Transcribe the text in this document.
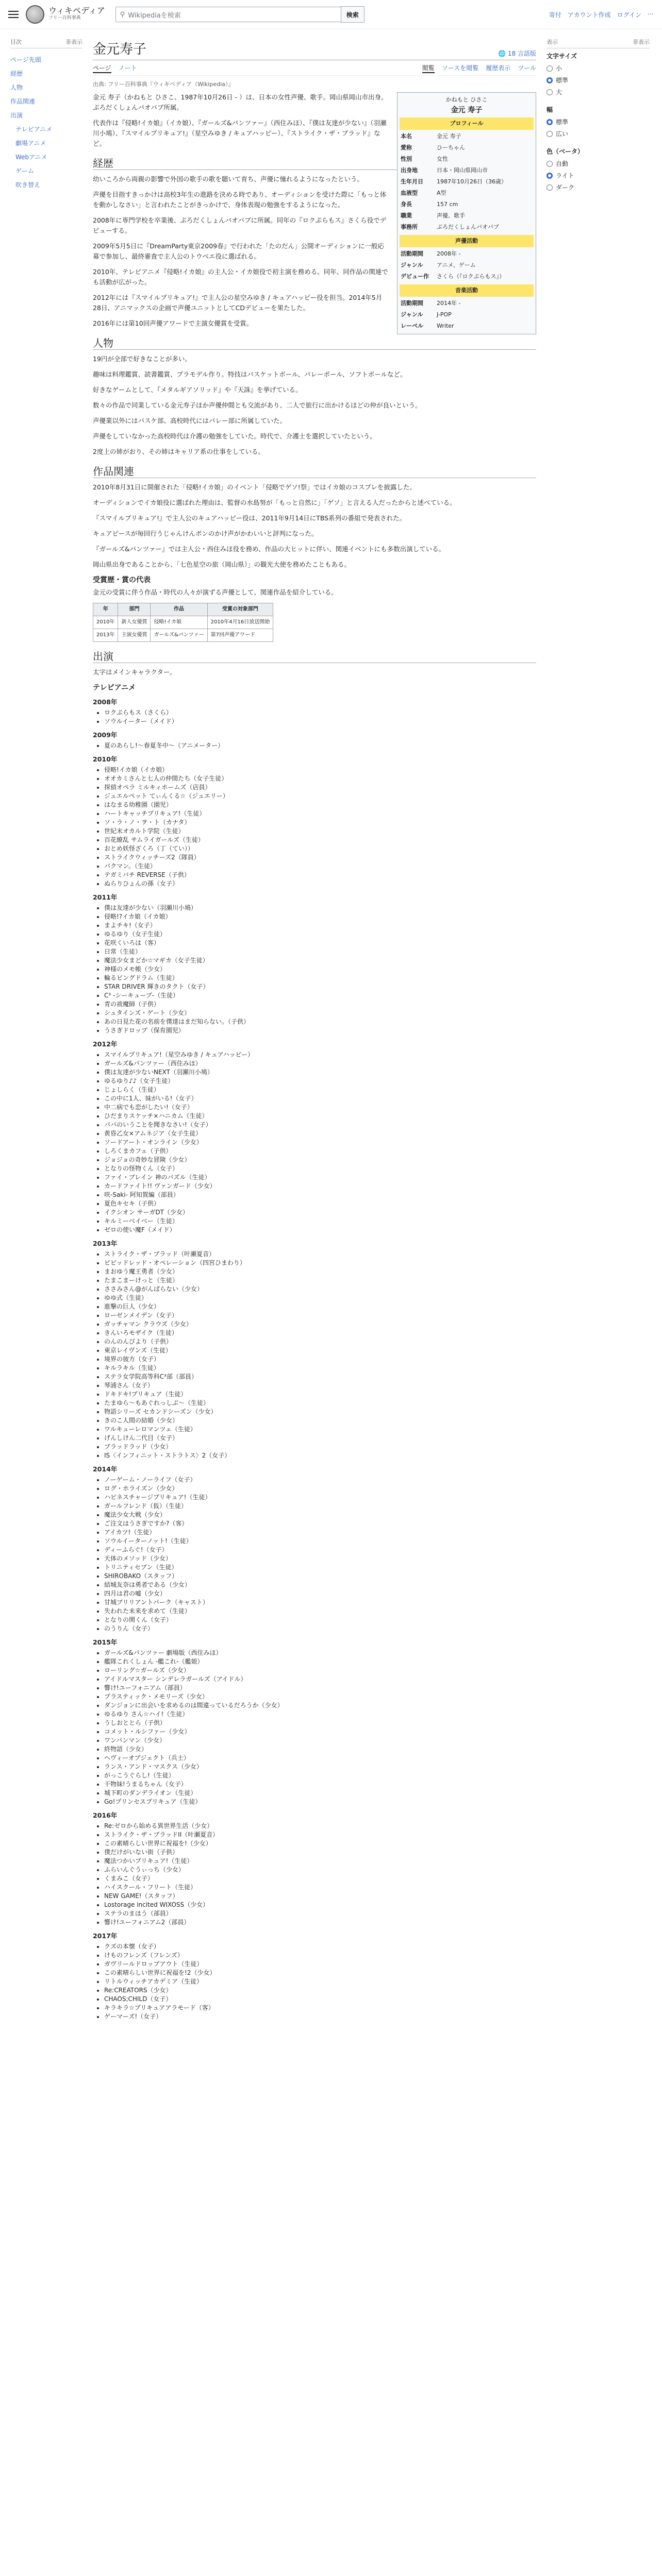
ウィキペディア
フリー百科事典	⚲ Wikipediaを検索	検索	寄付 アカウント作成 ログイン ⋯
目次	非表示
ページ先頭
経歴
人物
作品関連
出演
テレビアニメ
劇場アニメ
Webアニメ
ゲーム
吹き替え
金元寿子	🌐 18 言語版
ページ ノート	閲覧 ソースを閲覧 履歴表示 ツール
出典: フリー百科事典『ウィキペディア（Wikipedia）』
かねもと ひさこ
金元 寿子
プロフィール
本名	金元 寿子
愛称	ひーちゃん
性別	女性
出身地	日本・岡山県岡山市
生年月日	1987年10月26日（36歳）
血液型	A型
身長	157 cm
職業	声優、歌手
事務所	ぷろだくしょんバオバブ
声優活動
活動期間	2008年 -
ジャンル	アニメ、ゲーム
デビュー作	さくら（『ロクぷらもス』）
音楽活動
活動期間	2014年 -
ジャンル	J-POP
レーベル	Writer

金元 寿子（かねもと ひさこ、1987年10月26日 - ）は、日本の女性声優、歌手。岡山県岡山市出身。ぷろだくしょんバオバブ所属。

代表作は『侵略!イカ娘』（イカ娘）、『ガールズ&パンツァー』（西住みほ）、『僕は友達が少ない』（羽瀬川小鳩）、『スマイルプリキュア!』（星空みゆき / キュアハッピー）、『ストライク・ザ・ブラッド』など。

経歴

幼いころから両親の影響で外国の歌手の歌を聴いて育ち、声優に憧れるようになったという。

声優を目指すきっかけは高校3年生の進路を決める時であり、オーディションを受けた際に「もっと体を動かしなさい」と言われたことがきっかけで、身体表現の勉強をするようになった。

2008年に専門学校を卒業後、ぷろだくしょんバオバブに所属。同年の『ロクぷらもス』さくら役でデビューする。

2009年5月5日に『DreamParty東京2009春』で行われた「たのだん」公開オーディションに一般応募で参加し、最終審査で主人公のトウベエ役に選ばれる。

2010年、テレビアニメ『侵略!イカ娘』の主人公・イカ娘役で初主演を務める。同年、同作品の関連でも活動が広がった。

2012年には『スマイルプリキュア!』で主人公の星空みゆき / キュアハッピー役を担当。2014年5月28日、アニマックスの企画で声優ユニットとしてCDデビューを果たした。

2016年には第10回声優アワードで主演女優賞を受賞。

人物

19円が全部で好きなことが多い。

趣味は料理鑑賞、読書鑑賞、プラモデル作り。特技はバスケットボール、バレーボール、ソフトボールなど。

好きなゲームとして、『メタルギアソリッド』や『天誅』を挙げている。

数々の作品で同業している金元寿子ほか声優仲間とも交流があり、二人で旅行に出かけるほどの仲が良いという。

声優業以外にはバスケ部、高校時代にはバレー部に所属していた。

声優をしていなかった高校時代は介護の勉強をしていた。時代で、介護士を選択していたという。

2度上の姉がおり、その姉はキャリア系の仕事をしている。

作品関連

2010年8月31日に開催された「侵略!イカ娘」のイベント「侵略でゲソ!祭」ではイカ娘のコスプレを披露した。

オーディションでイカ娘役に選ばれた理由は、監督の水島努が「もっと自然に」「ゲソ」と言える人だったからと述べている。

『スマイルプリキュア!』で主人公のキュアハッピー役は、2011年9月14日にTBS系列の番組で発表された。

キュアピースが毎回行うじゃんけんポンのかけ声がかわいいと評判になった。

『ガールズ&パンツァー』では主人公・西住みほ役を務め、作品の大ヒットに伴い、関連イベントにも多数出演している。

岡山県出身であることから、「七色星空の旅（岡山県）」の観光大使を務めたこともある。

受賞歴・賞の代表

金元の受賞に伴う作品・時代の人々が演ずる声優として、関連作品を紹介している。

年	部門	作品	受賞の対象部門
2010年	新人女優賞	侵略!イカ娘	2010年4月16日放送開始
2013年	主演女優賞	ガールズ&パンツァー	第7回声優アワード
出演

太字はメインキャラクター。

テレビアニメ
2008年
• ロクぷらもス（さくら）
• ソウルイーター（メイド）
2009年
• 夏のあらし!〜春夏冬中〜（アニメーター）
2010年
• 侵略!イカ娘（イカ娘）
• オオカミさんと七人の仲間たち（女子生徒）
• 探偵オペラ ミルキィホームズ（店員）
• ジュエルペット てぃんくる☆（ジュエリー）
• はなまる幼稚園（園児）
• ハートキャッチプリキュア!（生徒）
• ソ・ラ・ノ・ヲ・ト（カナタ）
• 世紀末オカルト学院（生徒）
• 百花繚乱 サムライガールズ（生徒）
• おとめ妖怪ざくろ（丁（てい））
• ストライクウィッチーズ2（隊員）
• バクマン。（生徒）
• テガミバチ REVERSE（子供）
• ぬらりひょんの孫（女子）
2011年
• 僕は友達が少ない（羽瀬川小鳩）
• 侵略!?イカ娘（イカ娘）
• まよチキ!（女子）
• ゆるゆり（女子生徒）
• 花咲くいろは（客）
• 日常（生徒）
• 魔法少女まどか☆マギカ（女子生徒）
• 神様のメモ帳（少女）
• 輪るピングドラム（生徒）
• STAR DRIVER 輝きのタクト（女子）
• C³ -シーキューブ-（生徒）
• 青の祓魔師（子供）
• シュタインズ・ゲート（少女）
• あの日見た花の名前を僕達はまだ知らない。（子供）
• うさぎドロップ（保育園児）
2012年
• スマイルプリキュア!（星空みゆき / キュアハッピー）
• ガールズ&パンツァー（西住みほ）
• 僕は友達が少ないNEXT（羽瀬川小鳩）
• ゆるゆり♪♪（女子生徒）
• じょしらく（生徒）
• この中に1人、妹がいる!（女子）
• 中二病でも恋がしたい!（女子）
• ひだまりスケッチ×ハニカム（生徒）
• パパのいうことを聞きなさい!（女子）
• 黄昏乙女×アムネジア（女子生徒）
• ソードアート・オンライン（少女）
• しろくまカフェ（子供）
• ジョジョの奇妙な冒険（少女）
• となりの怪物くん（女子）
• ファイ・ブレイン 神のパズル（生徒）
• カードファイト!! ヴァンガード（少女）
• 咲-Saki- 阿知賀編（部員）
• 夏色キセキ（子供）
• イクシオン サーガDT（少女）
• キルミーベイベー（生徒）
• ゼロの使い魔F（メイド）
2013年
• ストライク・ザ・ブラッド（叶瀬夏音）
• ビビッドレッド・オペレーション（四宮ひまわり）
• まおゆう魔王勇者（少女）
• たまこまーけっと（生徒）
• ささみさん@がんばらない（少女）
• ゆゆ式（生徒）
• 進撃の巨人（少女）
• ローゼンメイデン（女子）
• ガッチャマン クラウズ（少女）
• きんいろモザイク（生徒）
• のんのんびより（子供）
• 東京レイヴンズ（生徒）
• 境界の彼方（女子）
• キルラキル（生徒）
• ステラ女学院高等科C³部（部員）
• 琴浦さん（女子）
• ドキドキ!プリキュア（生徒）
• たまゆら〜もあぐれっしぶ〜（生徒）
• 物語シリーズ セカンドシーズン（少女）
• きのこ人間の結婚（少女）
• ワルキューレロマンツェ（生徒）
• げんしけん二代目（女子）
• ブラッドラッド（少女）
• IS〈インフィニット・ストラトス〉2（女子）
2014年
• ノーゲーム・ノーライフ（女子）
• ログ・ホライズン（少女）
• ハピネスチャージプリキュア!（生徒）
• ガールフレンド（仮）（生徒）
• 魔法少女大戦（少女）
• ご注文はうさぎですか?（客）
• アイカツ!（生徒）
• ソウルイーターノット!（生徒）
• ディーふらぐ!（女子）
• 天体のメソッド（少女）
• トリニティセブン（生徒）
• SHIROBAKO（スタッフ）
• 結城友奈は勇者である（少女）
• 四月は君の嘘（少女）
• 甘城ブリリアントパーク（キャスト）
• 失われた未来を求めて（生徒）
• となりの関くん（女子）
• のうりん（女子）
2015年
• ガールズ&パンツァー 劇場版（西住みほ）
• 艦隊これくしょん -艦これ-（艦娘）
• ローリング☆ガールズ（少女）
• アイドルマスター シンデレラガールズ（アイドル）
• 響け!ユーフォニアム（部員）
• プラスティック・メモリーズ（少女）
• ダンジョンに出会いを求めるのは間違っているだろうか（少女）
• ゆるゆり さん☆ハイ!（生徒）
• うしおととら（子供）
• コメット・ルシファー（少女）
• ワンパンマン（少女）
• 終物語（少女）
• ヘヴィーオブジェクト（兵士）
• ランス・アンド・マスクス（少女）
• がっこうぐらし!（生徒）
• 干物妹!うまるちゃん（女子）
• 城下町のダンデライオン（生徒）
• Go!プリンセスプリキュア（生徒）
2016年
• Re:ゼロから始める異世界生活（少女）
• ストライク・ザ・ブラッドII（叶瀬夏音）
• この素晴らしい世界に祝福を!（少女）
• 僕だけがいない街（子供）
• 魔法つかいプリキュア!（生徒）
• ふらいんぐうぃっち（少女）
• くまみこ（女子）
• ハイスクール・フリート（生徒）
• NEW GAME!（スタッフ）
• Lostorage incited WIXOSS（少女）
• ステラのまほう（部員）
• 響け!ユーフォニアム2（部員）
2017年
• クズの本懐（女子）
• けものフレンズ（フレンズ）
• ガヴリールドロップアウト（生徒）
• この素晴らしい世界に祝福を!2（少女）
• リトルウィッチアカデミア（生徒）
• Re:CREATORS（少女）
• CHAOS;CHILD（女子）
• キラキラ☆プリキュアアラモード（客）
• ゲーマーズ!（女子）
表示	非表示
文字サイズ
小
標準
大
幅
標準
広い
色（ベータ）
自動
ライト
ダーク
